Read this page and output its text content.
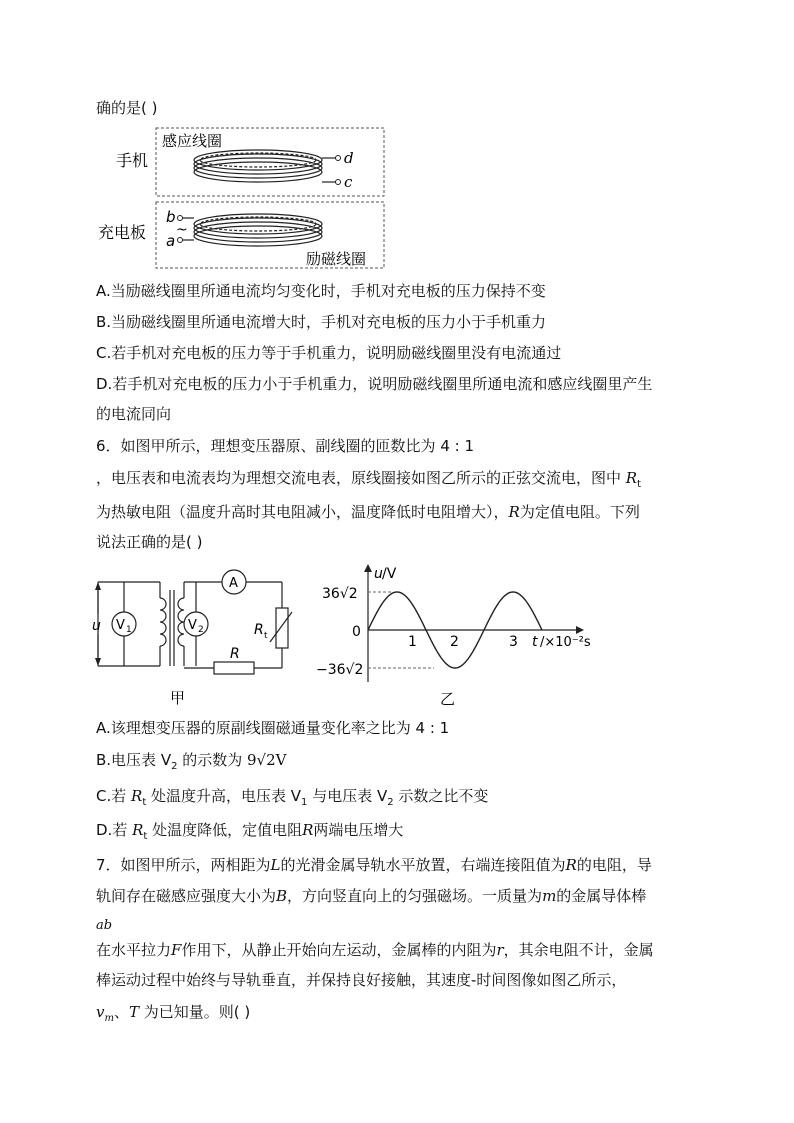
确的是( )
手机
充电板
感应线圈
励磁线圈
d
c
b
a
~
A.当励磁线圈里所通电流均匀变化时，手机对充电板的压力保持不变
B.当励磁线圈里所通电流增大时，手机对充电板的压力小于手机重力
C.若手机对充电板的压力等于手机重力，说明励磁线圈里没有电流通过
D.若手机对充电板的压力小于手机重力，说明励磁线圈里所通电流和感应线圈里产生
的电流同向
6．如图甲所示，理想变压器原、副线圈的匝数比为 4 : 1
，电压表和电流表均为理想交流电表，原线圈接如图乙所示的正弦交流电，图中 $R_t$
为热敏电阻（温度升高时其电阻减小，温度降低时电阻增大），R为定值电阻。下列
说法正确的是( )
u V 1	V 2
A
R t
R
甲
u /V
36√2
−36√2
0
1 2	3 t /×10⁻²s
乙
A.该理想变压器的原副线圈磁通量变化率之比为 4 : 1
B.电压表 $V_2$ 的示数为 9√2V
C.若 $R_t$ 处温度升高，电压表 $V_1$ 与电压表 $V_2$ 示数之比不变
D.若 $R_t$ 处温度降低，定值电阻R两端电压增大
7．如图甲所示，两相距为L的光滑金属导轨水平放置，右端连接阻值为R的电阻，导
轨间存在磁感应强度大小为B，方向竖直向上的匀强磁场。一质量为m的金属导体棒
ab
在水平拉力F作用下，从静止开始向左运动，金属棒的内阻为r，其余电阻不计，金属
棒运动过程中始终与导轨垂直，并保持良好接触，其速度-时间图像如图乙所示，
$v_m$、T 为已知量。则( )
